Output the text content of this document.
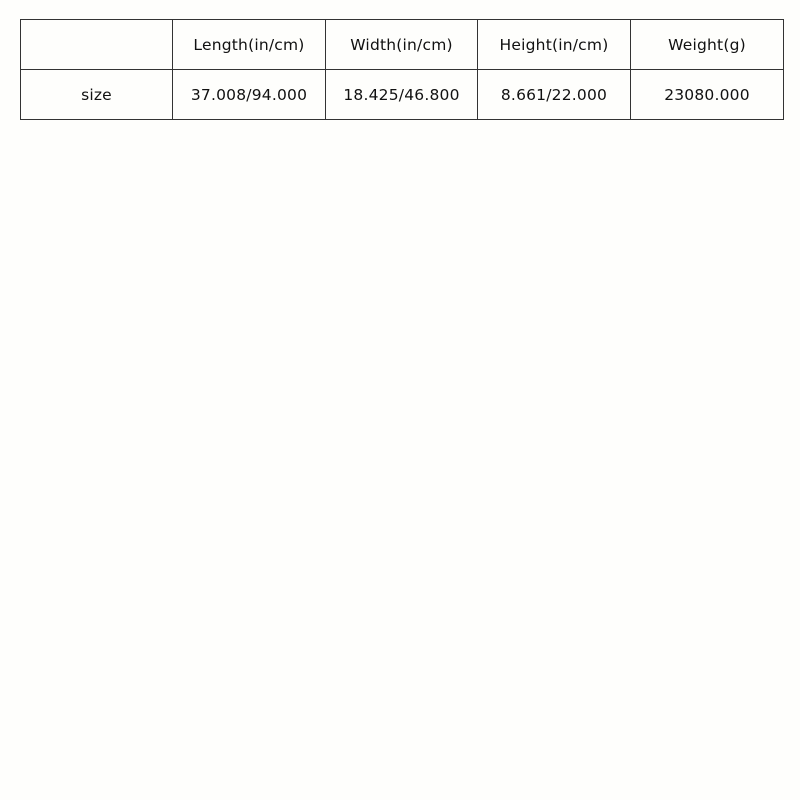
	Length(in/cm)	Width(in/cm)	Height(in/cm)	Weight(g)
size	37.008/94.000	18.425/46.800	8.661/22.000	23080.000
